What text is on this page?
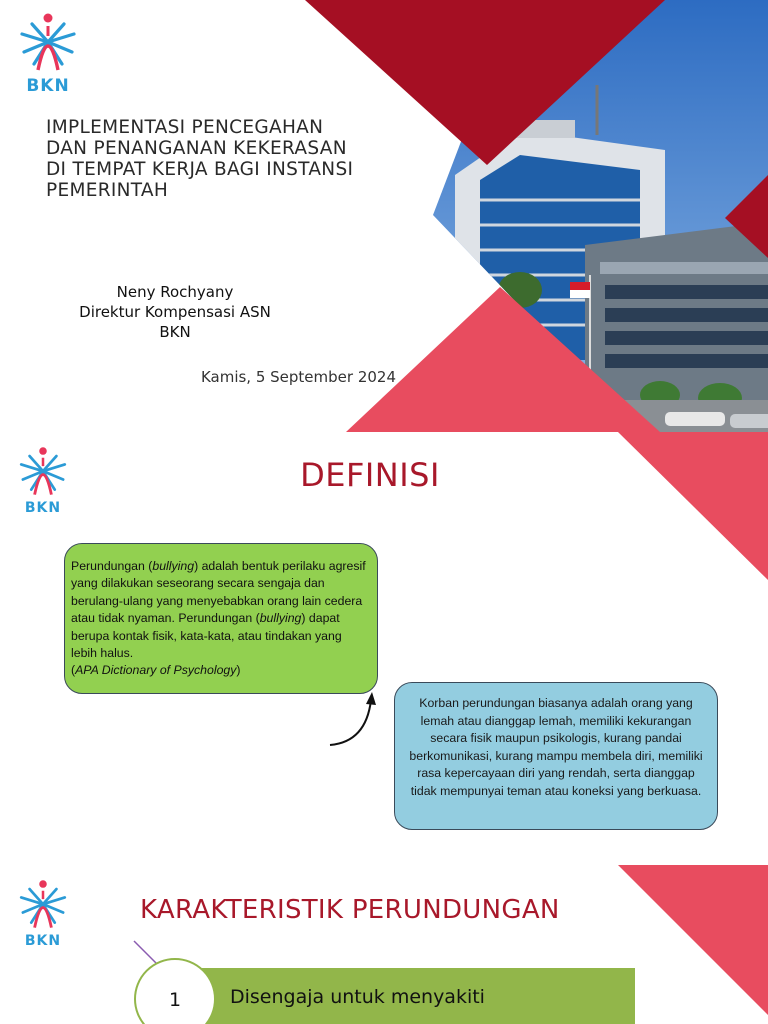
BKN
IMPLEMENTASI PENCEGAHAN
DAN PENANGANAN KEKERASAN
DI TEMPAT KERJA BAGI INSTANSI
PEMERINTAH
Neny Rochyany
Direktur Kompensasi ASN
BKN
Kamis, 5 September 2024
BKN
DEFINISI

Perundungan (bullying) adalah bentuk perilaku agresif yang dilakukan seseorang secara sengaja dan berulang-ulang yang menyebabkan orang lain cedera atau tidak nyaman. Perundungan (bullying) dapat berupa kontak fisik, kata-kata, atau tindakan yang lebih halus.
(APA Dictionary of Psychology)

Korban perundungan biasanya adalah orang yang lemah atau dianggap lemah, memiliki kekurangan secara fisik maupun psikologis, kurang pandai berkomunikasi, kurang mampu membela diri, memiliki rasa kepercayaan diri yang rendah, serta dianggap tidak mempunyai teman atau koneksi yang berkuasa.

BKN
KARAKTERISTIK PERUNDUNGAN
Disengaja untuk menyakiti
1
